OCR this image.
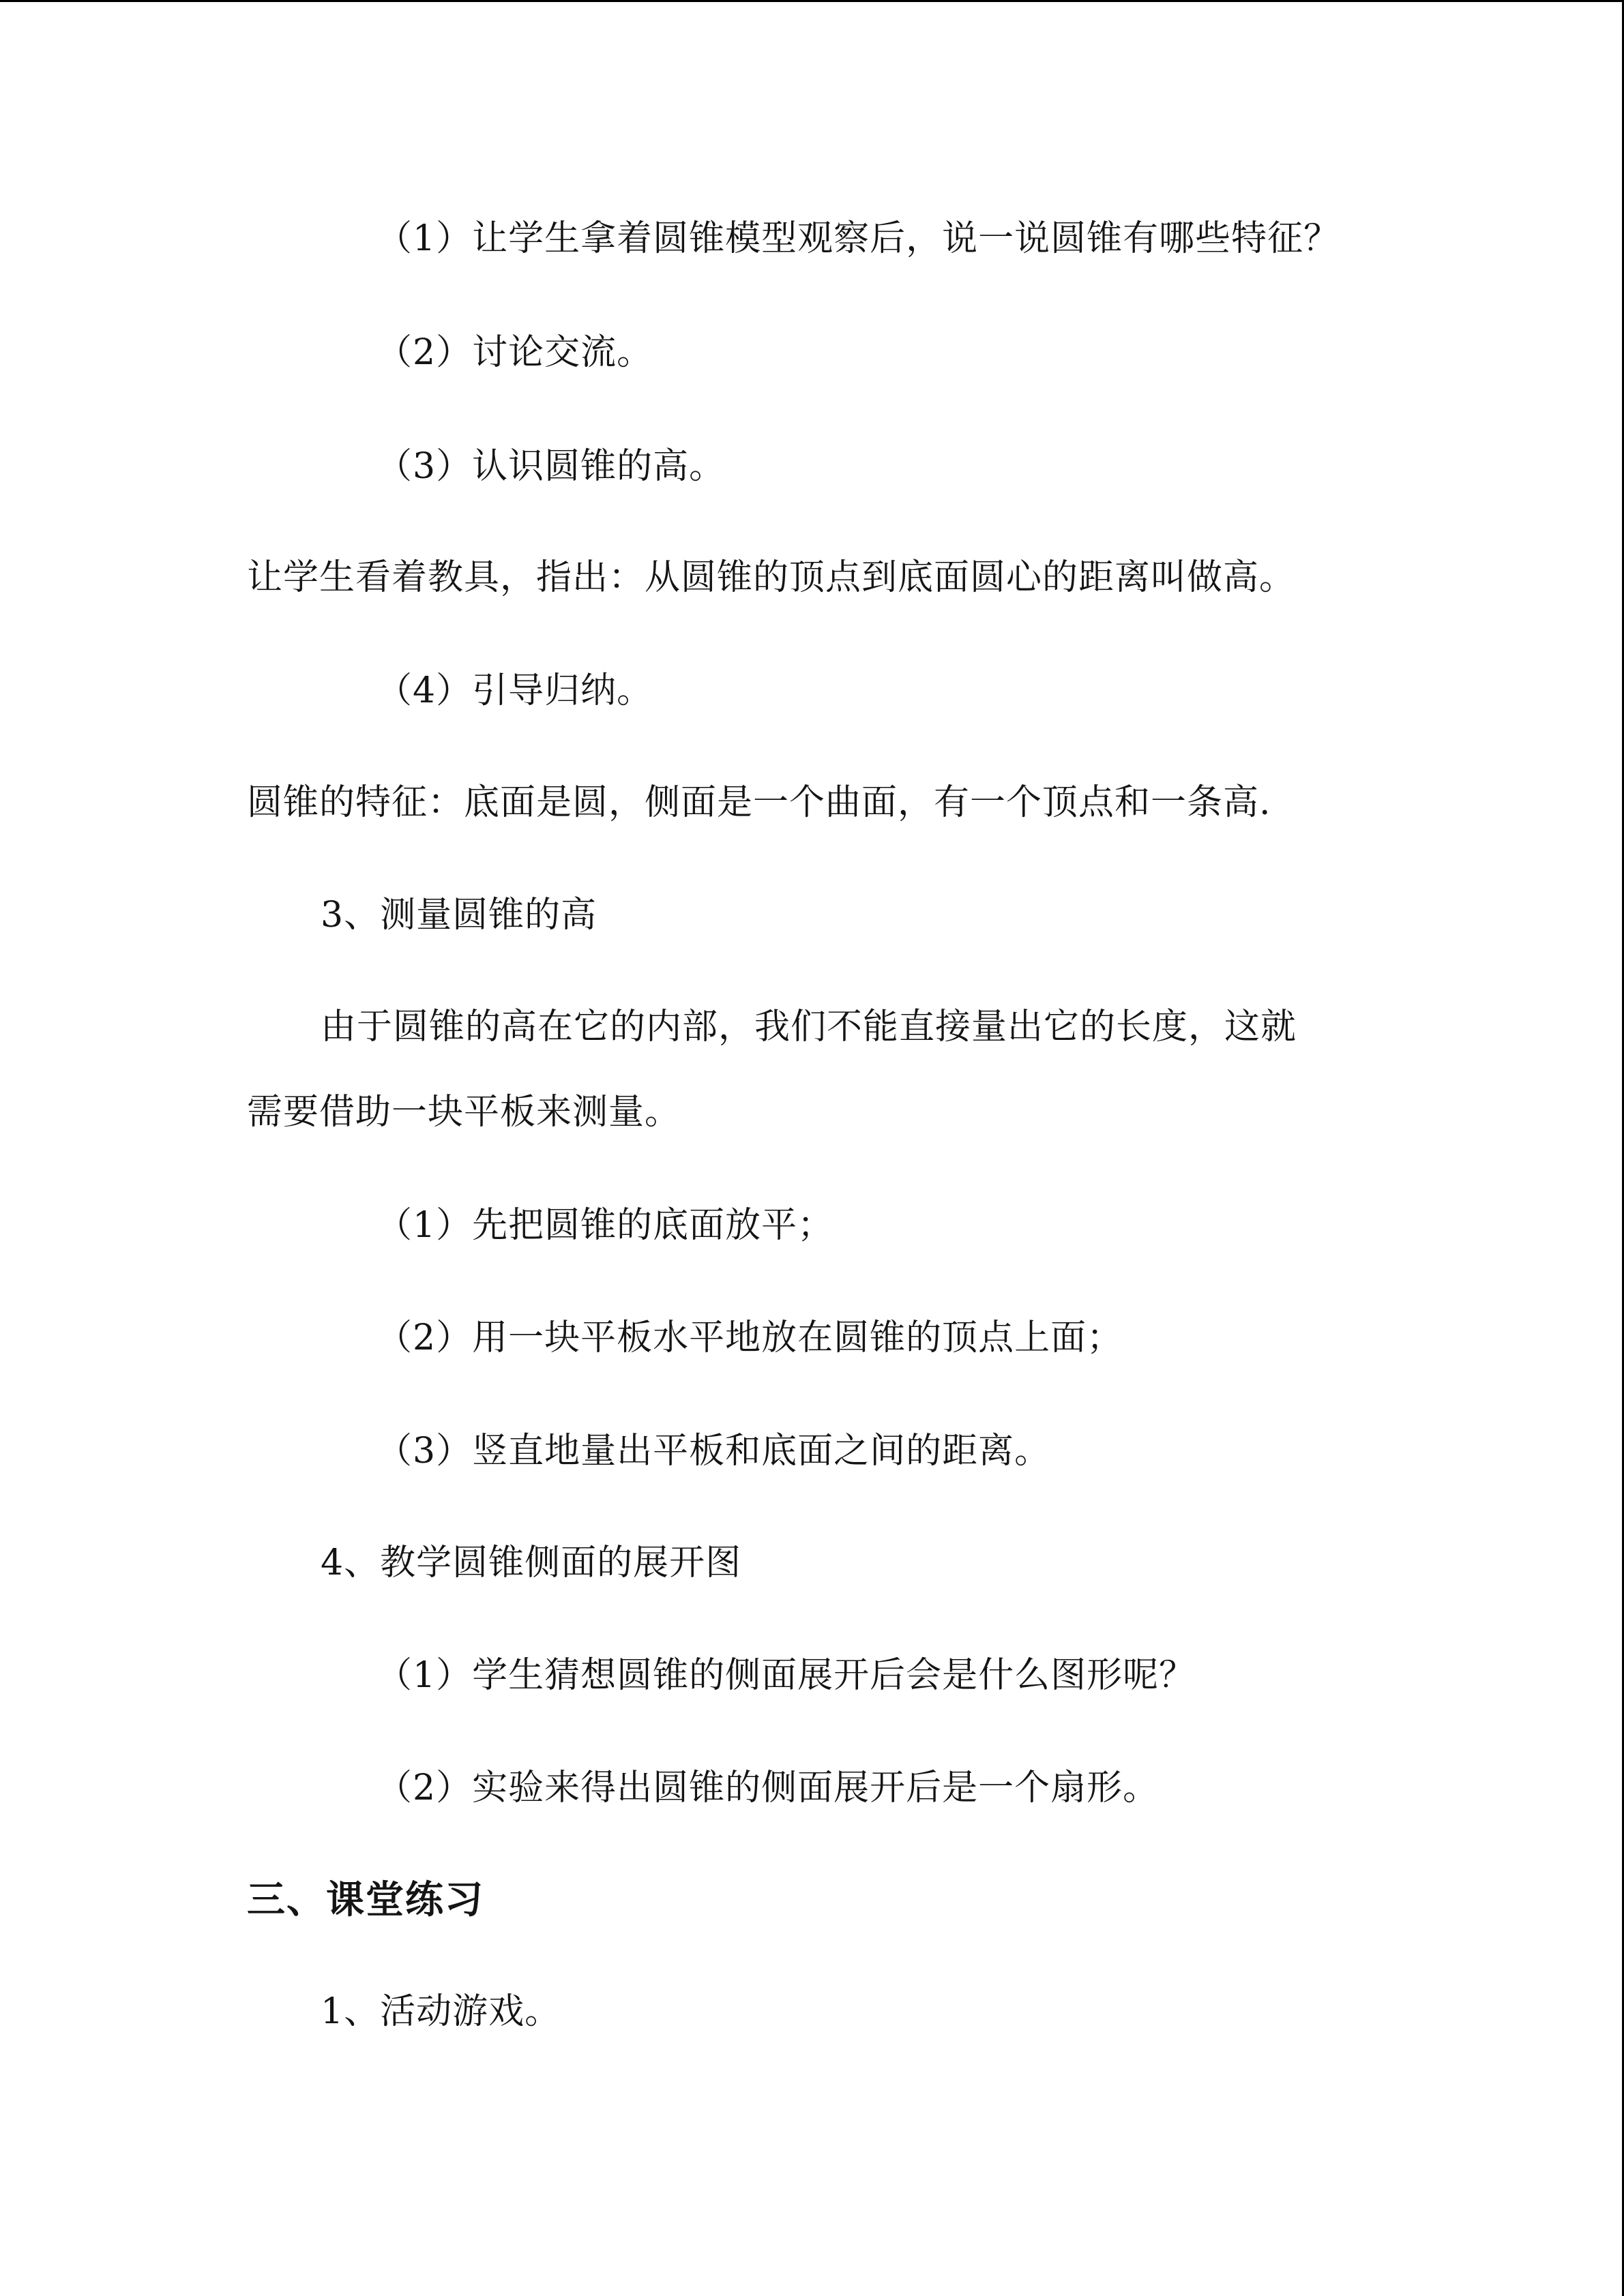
（1）让学生拿着圆锥模型观察后，说一说圆锥有哪些特征？
（2）讨论交流。
（3）认识圆锥的高。
让学生看着教具，指出：从圆锥的顶点到底面圆心的距离叫做高。
（4）引导归纳。
圆锥的特征：底面是圆，侧面是一个曲面，有一个顶点和一条高.
3、测量圆锥的高
由于圆锥的高在它的内部，我们不能直接量出它的长度，这就
需要借助一块平板来测量。
（1）先把圆锥的底面放平；
（2）用一块平板水平地放在圆锥的顶点上面；
（3）竖直地量出平板和底面之间的距离。
4、教学圆锥侧面的展开图
（1）学生猜想圆锥的侧面展开后会是什么图形呢？
（2）实验来得出圆锥的侧面展开后是一个扇形。
三、课堂练习
1、活动游戏。
